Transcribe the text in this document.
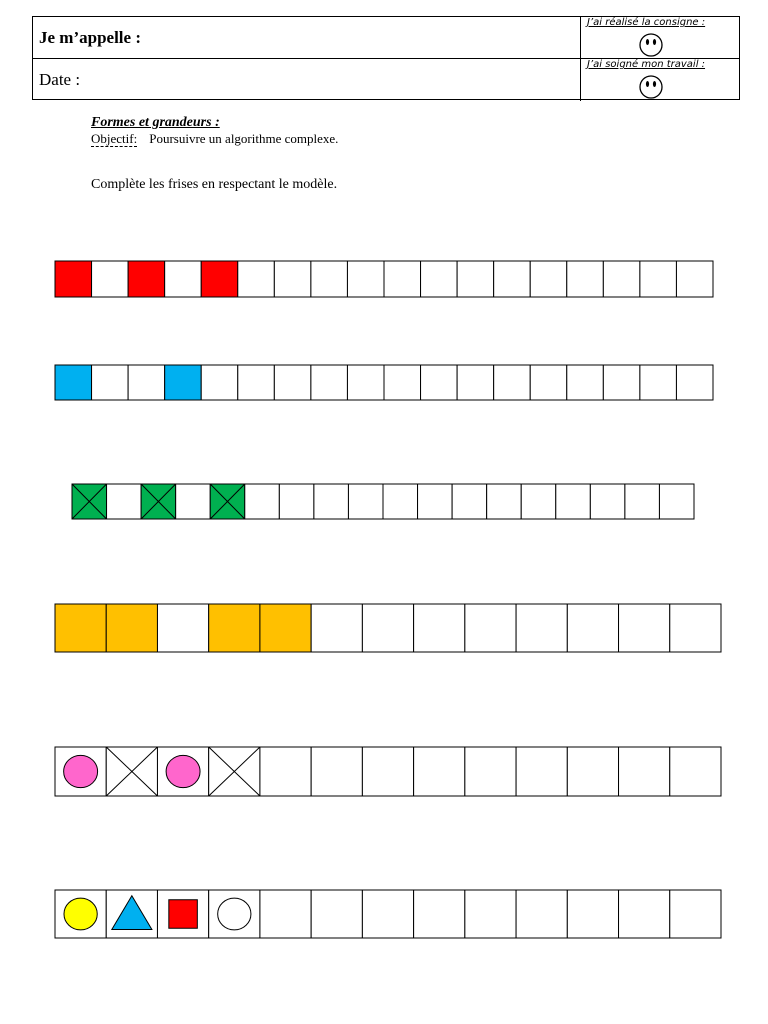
Je m’appelle :
J’ai réalisé la consigne :
Date :
J’ai soigné mon travail :
Formes et grandeurs :
Objectif: Poursuivre un algorithme complexe.
Complète les frises en respectant le modèle.
